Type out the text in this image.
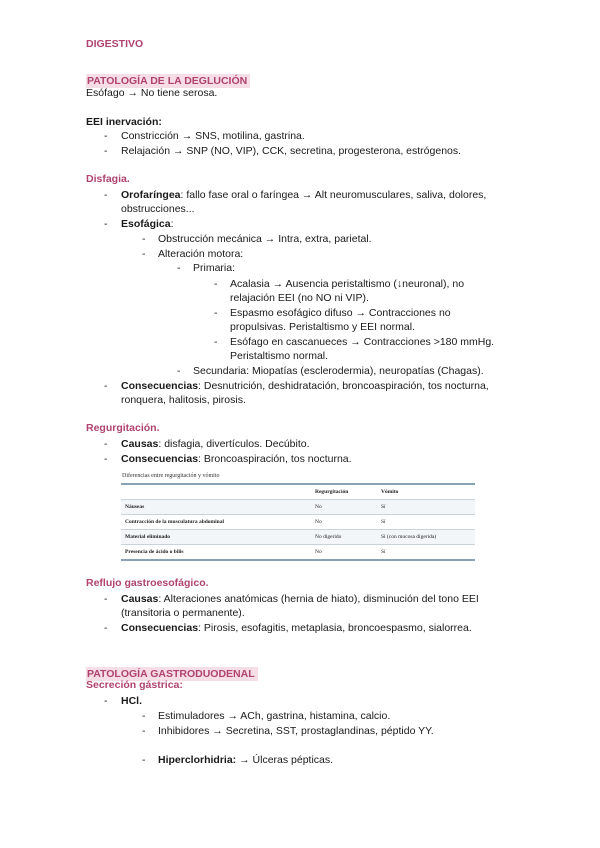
DIGESTIVO
PATOLOGÍA DE LA DEGLUCIÓN
Esófago → No tiene serosa.
EEI inervación:
- Constricción → SNS, motilina, gastrina.
- Relajación → SNP (NO, VIP), CCK, secretina, progesterona, estrógenos.
Disfagia.
- Orofaríngea: fallo fase oral o faríngea → Alt neuromusculares, saliva, dolores,
obstrucciones...
- Esofágica:
- Obstrucción mecánica → Intra, extra, parietal.
- Alteración motora:
- Primaria:
- Acalasia → Ausencia peristaltismo (↓neuronal), no
relajación EEI (no NO ni VIP).
- Espasmo esofágico difuso → Contracciones no
propulsivas. Peristaltismo y EEI normal.
- Esófago en cascanueces → Contracciones >180 mmHg.
Peristaltismo normal.
- Secundaria: Miopatías (esclerodermia), neuropatías (Chagas).
- Consecuencias: Desnutrición, deshidratación, broncoaspiración, tos nocturna,
ronquera, halitosis, pirosis.
Regurgitación.
- Causas: disfagia, divertículos. Decúbito.
- Consecuencias: Broncoaspiración, tos nocturna.
Diferencias entre regurgitación y vómito
	Regurgitación	Vómito
Náuseas	No	Sí
Contracción de la musculatura abdominal	No	Sí
Material eliminado	No digerido	Sí (con mucosa digerida)
Presencia de ácido o bilis	No	Sí
Reflujo gastroesofágico.
- Causas: Alteraciones anatómicas (hernia de hiato), disminución del tono EEI
(transitoria o permanente).
- Consecuencias: Pirosis, esofagitis, metaplasia, broncoespasmo, sialorrea.
PATOLOGÍA GASTRODUODENAL
Secreción gástrica:
- HCl.
- Estimuladores → ACh, gastrina, histamina, calcio.
- Inhibidores → Secretina, SST, prostaglandinas, péptido YY.
- Hiperclorhidria: → Úlceras pépticas.
